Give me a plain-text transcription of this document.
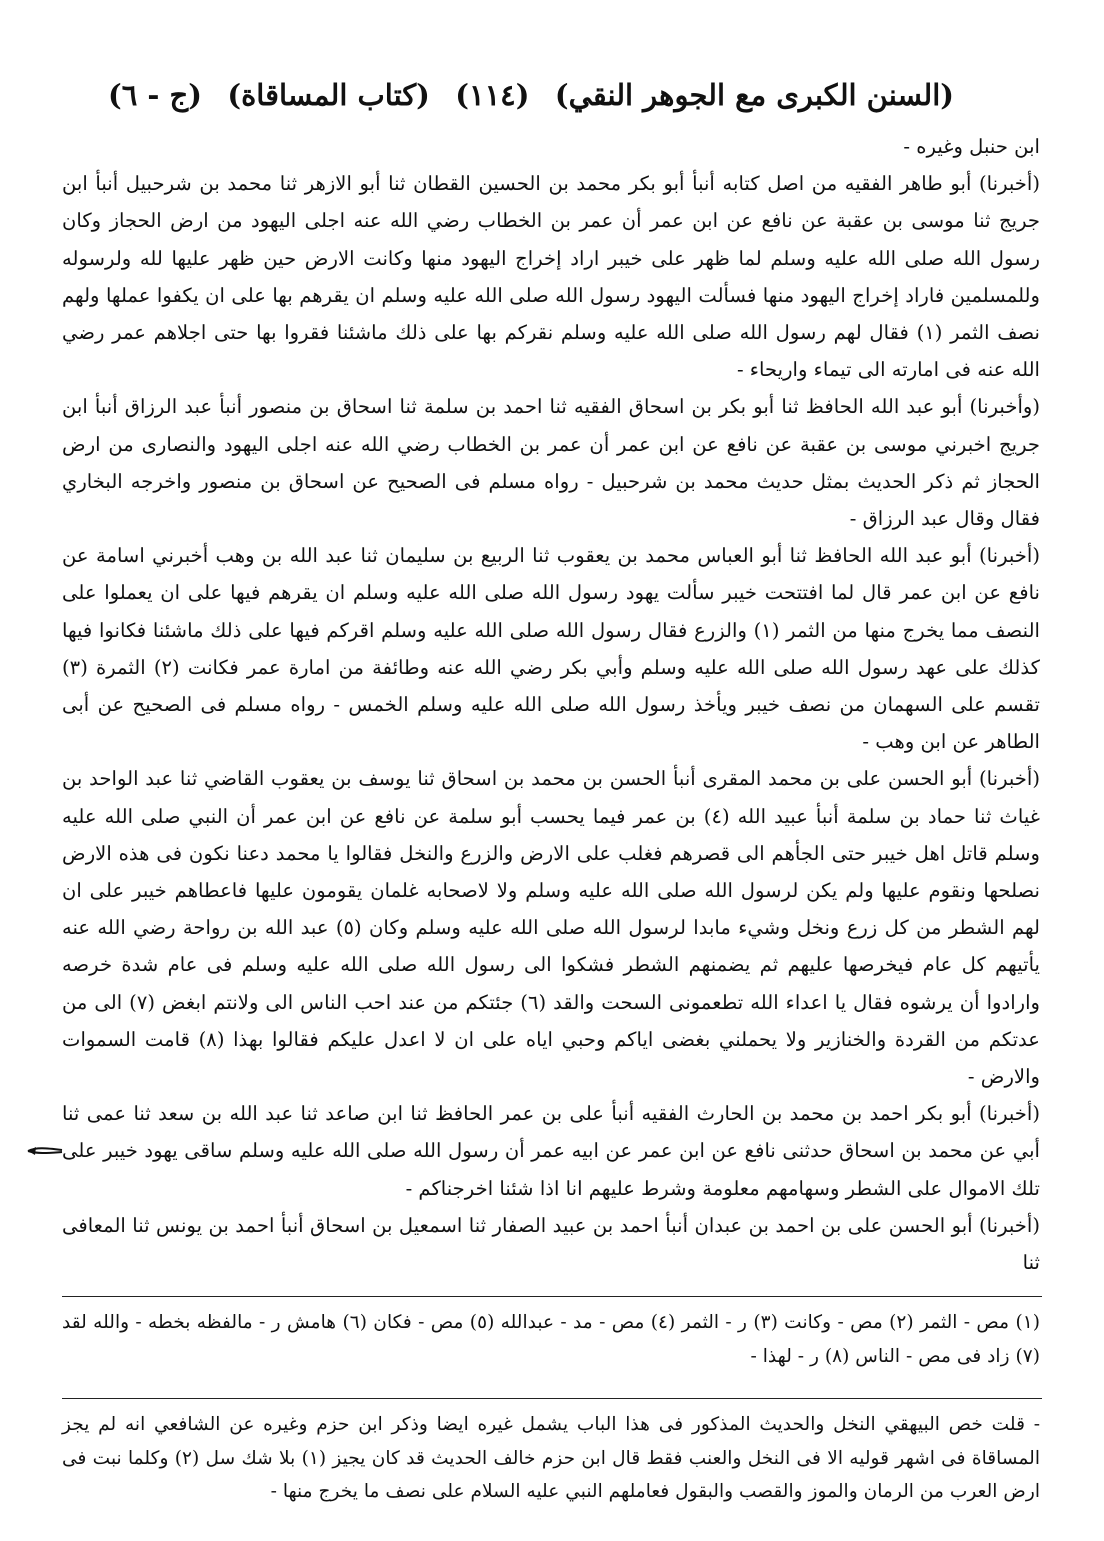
(السنن الكبرى مع الجوهر النقي)
(١١٤)
(كتاب المساقاة)
(ج - ٦)

ابن حنبل وغيره -

(أخبرنا) أبو طاهر الفقيه من اصل كتابه أنبأ أبو بكر محمد بن الحسين القطان ثنا أبو الازهر ثنا محمد بن شرحبيل أنبأ ابن جريج ثنا موسى بن عقبة عن نافع عن ابن عمر أن عمر بن الخطاب رضي الله عنه اجلى اليهود من ارض الحجاز وكان رسول الله صلى الله عليه وسلم لما ظهر على خيبر اراد إخراج اليهود منها وكانت الارض حين ظهر عليها لله ولرسوله وللمسلمين فاراد إخراج اليهود منها فسألت اليهود رسول الله صلى الله عليه وسلم ان يقرهم بها على ان يكفوا عملها ولهم نصف الثمر (١) فقال لهم رسول الله صلى الله عليه وسلم نقركم بها على ذلك ماشئنا فقروا بها حتى اجلاهم عمر رضي الله عنه فى امارته الى تيماء واريحاء -

(وأخبرنا) أبو عبد الله الحافظ ثنا أبو بكر بن اسحاق الفقيه ثنا احمد بن سلمة ثنا اسحاق بن منصور أنبأ عبد الرزاق أنبأ ابن جريج اخبرني موسى بن عقبة عن نافع عن ابن عمر أن عمر بن الخطاب رضي الله عنه اجلى اليهود والنصارى من ارض الحجاز ثم ذكر الحديث بمثل حديث محمد بن شرحبيل - رواه مسلم فى الصحيح عن اسحاق بن منصور واخرجه البخاري فقال وقال عبد الرزاق -

(أخبرنا) أبو عبد الله الحافظ ثنا أبو العباس محمد بن يعقوب ثنا الربيع بن سليمان ثنا عبد الله بن وهب أخبرني اسامة عن نافع عن ابن عمر قال لما افتتحت خيبر سألت يهود رسول الله صلى الله عليه وسلم ان يقرهم فيها على ان يعملوا على النصف مما يخرج منها من الثمر (١) والزرع فقال رسول الله صلى الله عليه وسلم اقركم فيها على ذلك ماشئنا فكانوا فيها كذلك على عهد رسول الله صلى الله عليه وسلم وأبي بكر رضي الله عنه وطائفة من امارة عمر فكانت (٢) الثمرة (٣) تقسم على السهمان من نصف خيبر ويأخذ رسول الله صلى الله عليه وسلم الخمس - رواه مسلم فى الصحيح عن أبى الطاهر عن ابن وهب -

(أخبرنا) أبو الحسن على بن محمد المقرى أنبأ الحسن بن محمد بن اسحاق ثنا يوسف بن يعقوب القاضي ثنا عبد الواحد بن غياث ثنا حماد بن سلمة أنبأ عبيد الله (٤) بن عمر فيما يحسب أبو سلمة عن نافع عن ابن عمر أن النبي صلى الله عليه وسلم قاتل اهل خيبر حتى الجأهم الى قصرهم فغلب على الارض والزرع والنخل فقالوا يا محمد دعنا نكون فى هذه الارض نصلحها ونقوم عليها ولم يكن لرسول الله صلى الله عليه وسلم ولا لاصحابه غلمان يقومون عليها فاعطاهم خيبر على ان لهم الشطر من كل زرع ونخل وشيء مابدا لرسول الله صلى الله عليه وسلم وكان (٥) عبد الله بن رواحة رضي الله عنه يأتيهم كل عام فيخرصها عليهم ثم يضمنهم الشطر فشكوا الى رسول الله صلى الله عليه وسلم فى عام شدة خرصه وارادوا أن يرشوه فقال يا اعداء الله تطعمونى السحت والقد (٦) جئتكم من عند احب الناس الى ولانتم ابغض (٧) الى من عدتكم من القردة والخنازير ولا يحملني بغضى اياكم وحبي اياه على ان لا اعدل عليكم فقالوا بهذا (٨) قامت السموات والارض -

(أخبرنا) أبو بكر احمد بن محمد بن الحارث الفقيه أنبأ على بن عمر الحافظ ثنا ابن صاعد ثنا عبد الله بن سعد ثنا عمى ثنا أبي عن محمد بن اسحاق حدثنى نافع عن ابن عمر عن ابيه عمر أن رسول الله صلى الله عليه وسلم ساقى يهود خيبر على تلك الاموال على الشطر وسهامهم معلومة وشرط عليهم انا اذا شئنا اخرجناكم -

(أخبرنا) أبو الحسن على بن احمد بن عبدان أنبأ احمد بن عبيد الصفار ثنا اسمعيل بن اسحاق أنبأ احمد بن يونس ثنا المعافى ثنا

(١) مص - الثمر (٢) مص - وكانت (٣) ر - الثمر (٤) مص - مد - عبدالله (٥) مص - فكان (٦) هامش ر - مالفظه بخطه - والله لقد (٧) زاد فى مص - الناس (٨) ر - لهذا -

- قلت خص البيهقي النخل والحديث المذكور فى هذا الباب يشمل غيره ايضا وذكر ابن حزم وغيره عن الشافعي انه لم يجز المساقاة فى اشهر قوليه الا فى النخل والعنب فقط قال ابن حزم خالف الحديث قد كان يجيز (١) بلا شك سل (٢) وكلما نبت فى ارض العرب من الرمان والموز والقصب والبقول فعاملهم النبي عليه السلام على نصف ما يخرج منها -
